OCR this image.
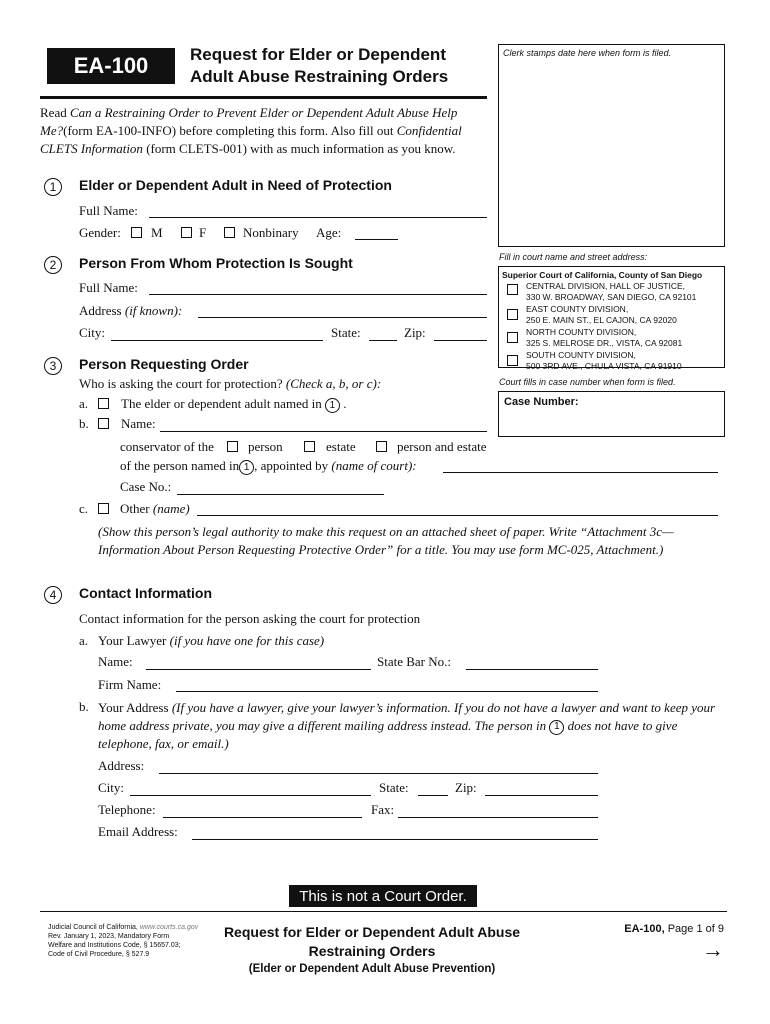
EA-100	Request for Elder or Dependent
Adult Abuse Restraining Orders
Read Can a Restraining Order to Prevent Elder or Dependent Adult Abuse Help Me?(form EA-100-INFO) before completing this form. Also fill out Confidential CLETS Information (form CLETS-001) with as much information as you know.
Clerk stamps date here when form is filed.
Fill in court name and street address:
Superior Court of California, County of San Diego
CENTRAL DIVISION, HALL OF JUSTICE,
330 W. BROADWAY, SAN DIEGO, CA 92101
EAST COUNTY DIVISION,
250 E. MAIN ST., EL CAJON, CA 92020
NORTH COUNTY DIVISION,
325 S. MELROSE DR., VISTA, CA 92081
SOUTH COUNTY DIVISION,
500 3RD AVE., CHULA VISTA, CA 91910
Court fills in case number when form is filed.
Case Number:
1	Elder or Dependent Adult in Need of Protection
Full Name:
Gender: M	F	Nonbinary Age:
2	Person From Whom Protection Is Sought
Full Name:
Address (if known):
City:	State:	Zip:
3	Person Requesting Order
Who is asking the court for protection? (Check a, b, or c):
a.	The elder or dependent adult named in 1 .
b. Name:
conservator of the	person	estate	person and estate
of the person named in 1 , appointed by (name of court):
Case No.:
c. Other (name)
(Show this person’s legal authority to make this request on an attached sheet of paper. Write “Attachment 3c—Information About Person Requesting Protective Order” for a title. You may use form MC-025, Attachment.)
4	Contact Information
Contact information for the person asking the court for protection
a. Your Lawyer (if you have one for this case)
Name:	State Bar No.:
Firm Name:
b. Your Address (If you have a lawyer, give your lawyer’s information. If you do not have a lawyer and want to keep your home address private, you may give a different mailing address instead. The person in 1 does not have to give telephone, fax, or email.)
Address:
City:	State:	Zip:
Telephone:	Fax:
Email Address:
This is not a Court Order.
Judicial Council of California, www.courts.ca.gov
Rev. January 1, 2023, Mandatory Form
Welfare and Institutions Code, § 15657.03;
Code of Civil Procedure, § 527.9
Request for Elder or Dependent Adult Abuse
Restraining Orders
(Elder or Dependent Adult Abuse Prevention)
EA-100, Page 1 of 9
→
